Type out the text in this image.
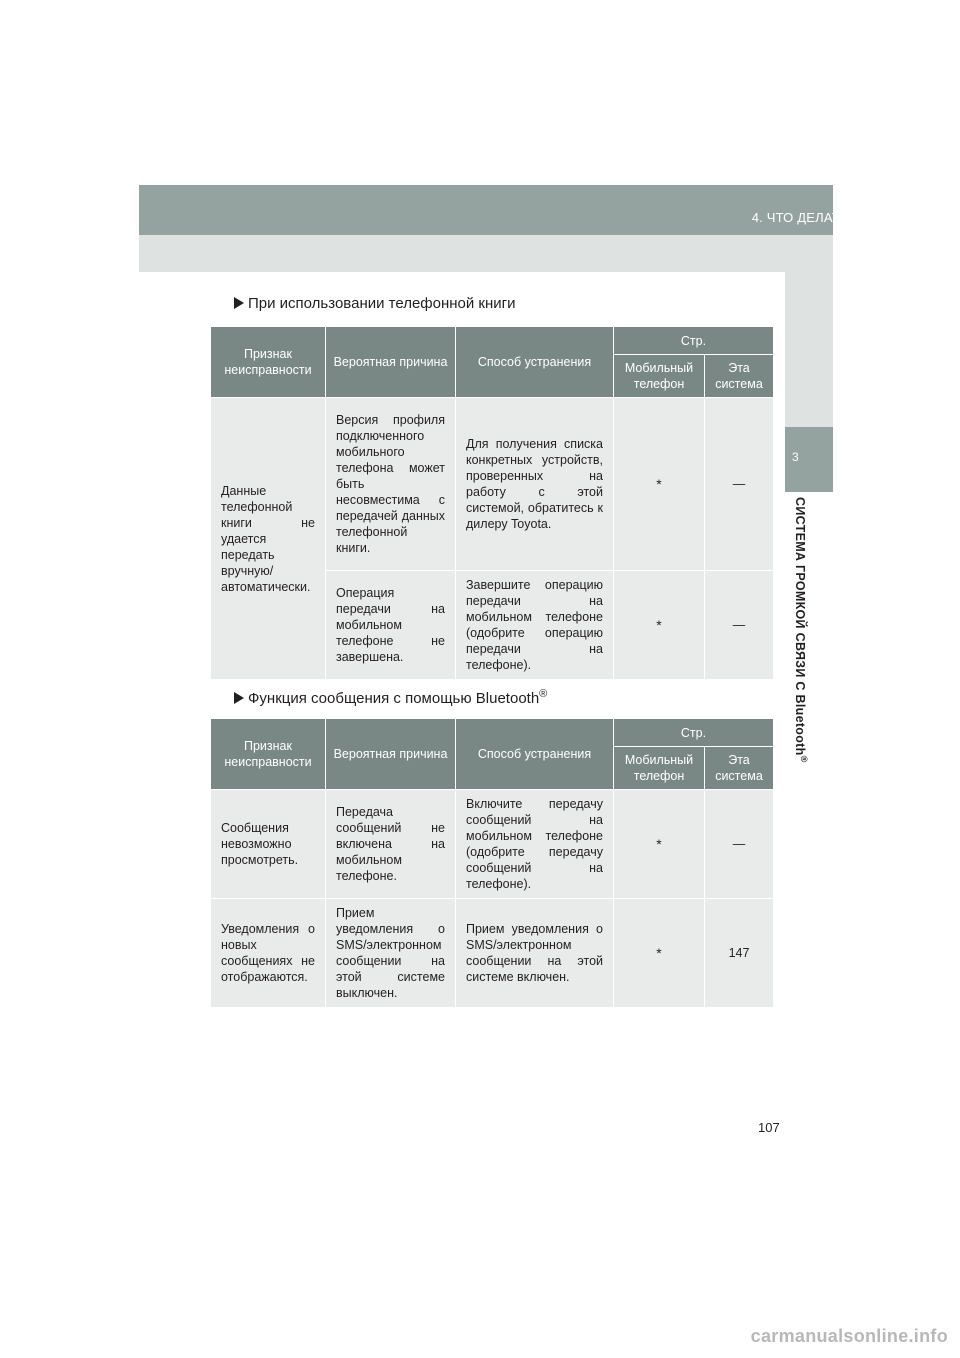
4. ЧТО ДЕЛАТЬ, ЕСЛИ...
3
СИСТЕМА ГРОМКОЙ СВЯЗИ С Bluetooth®
При использовании телефонной книги
Признак неисправности	Вероятная причина	Способ устранения	Стр.	
			Мобильный телефон	Эта система
Данные телефонной книги не удается передать вручную/ автоматически.	Версия профиля подключенного мобильного телефона может быть несовместима с передачей данных телефонной книги.	Для получения списка конкретных устройств, проверенных на работу с этой системой, обратитесь к дилеру Toyota.	*	—
	Операция передачи на мобильном телефоне не завершена.	Завершите операцию передачи на мобильном телефоне (одобрите операцию передачи на телефоне).	*	—
Функция сообщения с помощью Bluetooth®
Признак неисправности	Вероятная причина	Способ устранения	Стр.	
			Мобильный телефон	Эта система
Сообщения невозможно просмотреть.	Передача сообщений не включена на мобильном телефоне.	Включите передачу сообщений на мобильном телефоне (одобрите передачу сообщений на телефоне).	*	—
Уведомления о новых сообщениях не отображаются.	Прием уведомления о SMS/электронном сообщении на этой системе выключен.	Прием уведомления о SMS/электронном сообщении на этой системе включен.	*	147
107
carmanualsonline.info
